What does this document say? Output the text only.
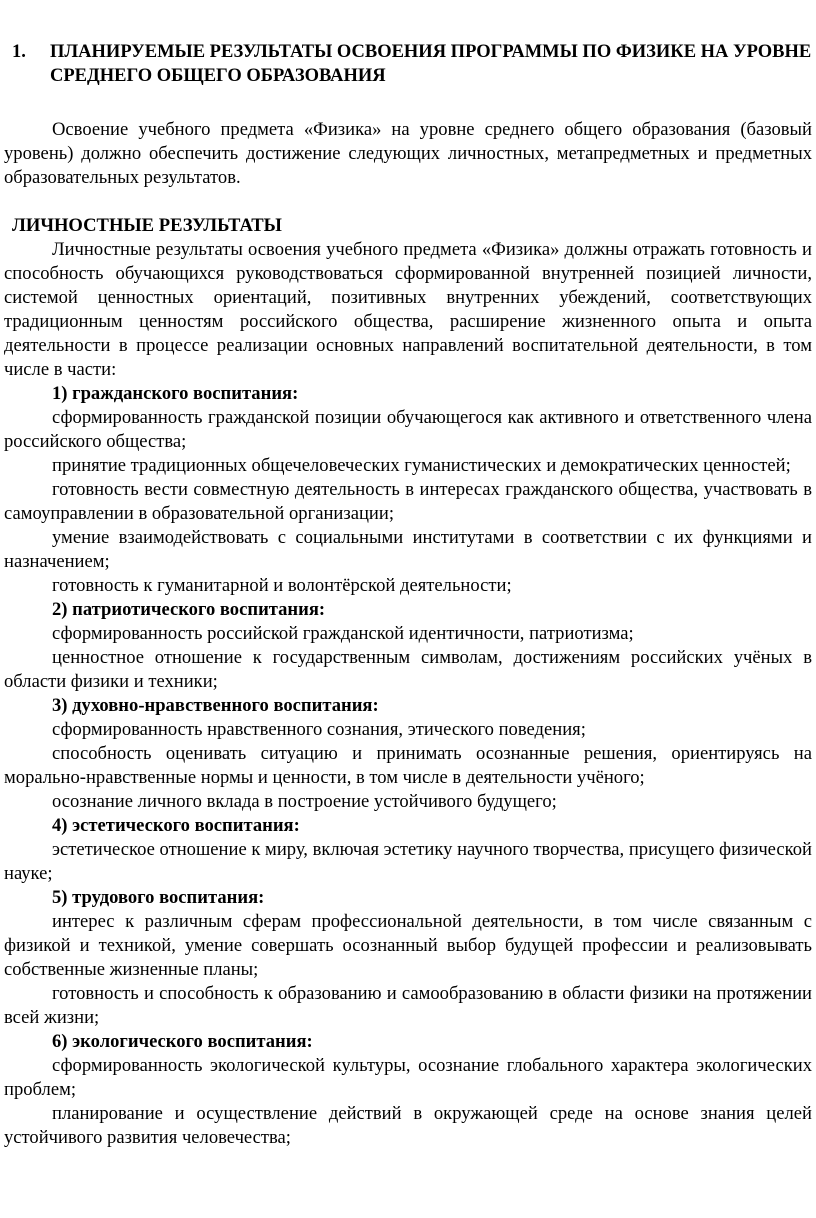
1.	ПЛАНИРУЕМЫЕ РЕЗУЛЬТАТЫ ОСВОЕНИЯ ПРОГРАММЫ ПО ФИЗИКЕ НА УРОВНЕ СРЕДНЕГО ОБЩЕГО ОБРАЗОВАНИЯ

Освоение учебного предмета «Физика» на уровне среднего общего образования (базовый уровень) должно обеспечить достижение следующих личностных, метапредметных и предметных образовательных результатов.

ЛИЧНОСТНЫЕ РЕЗУЛЬТАТЫ

Личностные результаты освоения учебного предмета «Физика» должны отражать готовность и способность обучающихся руководствоваться сформированной внутренней позицией личности, системой ценностных ориентаций, позитивных внутренних убеждений, соответствующих традиционным ценностям российского общества, расширение жизненного опыта и опыта деятельности в процессе реализации основных направлений воспитательной деятельности, в том числе в части:

1) гражданского воспитания:

сформированность гражданской позиции обучающегося как активного и ответственного члена российского общества;

принятие традиционных общечеловеческих гуманистических и демократических ценностей;

готовность вести совместную деятельность в интересах гражданского общества, участвовать в самоуправлении в образовательной организации;

умение взаимодействовать с социальными институтами в соответствии с их функциями и назначением;

готовность к гуманитарной и волонтёрской деятельности;

2) патриотического воспитания:

сформированность российской гражданской идентичности, патриотизма;

ценностное отношение к государственным символам, достижениям российских учёных в области физики и техники;

3) духовно-нравственного воспитания:

сформированность нравственного сознания, этического поведения;

способность оценивать ситуацию и принимать осознанные решения, ориентируясь на морально-нравственные нормы и ценности, в том числе в деятельности учёного;

осознание личного вклада в построение устойчивого будущего;

4) эстетического воспитания:

эстетическое отношение к миру, включая эстетику научного творчества, присущего физической науке;

5) трудового воспитания:

интерес к различным сферам профессиональной деятельности, в том числе связанным с физикой и техникой, умение совершать осознанный выбор будущей профессии и реализовывать собственные жизненные планы;

готовность и способность к образованию и самообразованию в области физики на протяжении всей жизни;

6) экологического воспитания:

сформированность экологической культуры, осознание глобального характера экологических проблем;

планирование и осуществление действий в окружающей среде на основе знания целей устойчивого развития человечества;
